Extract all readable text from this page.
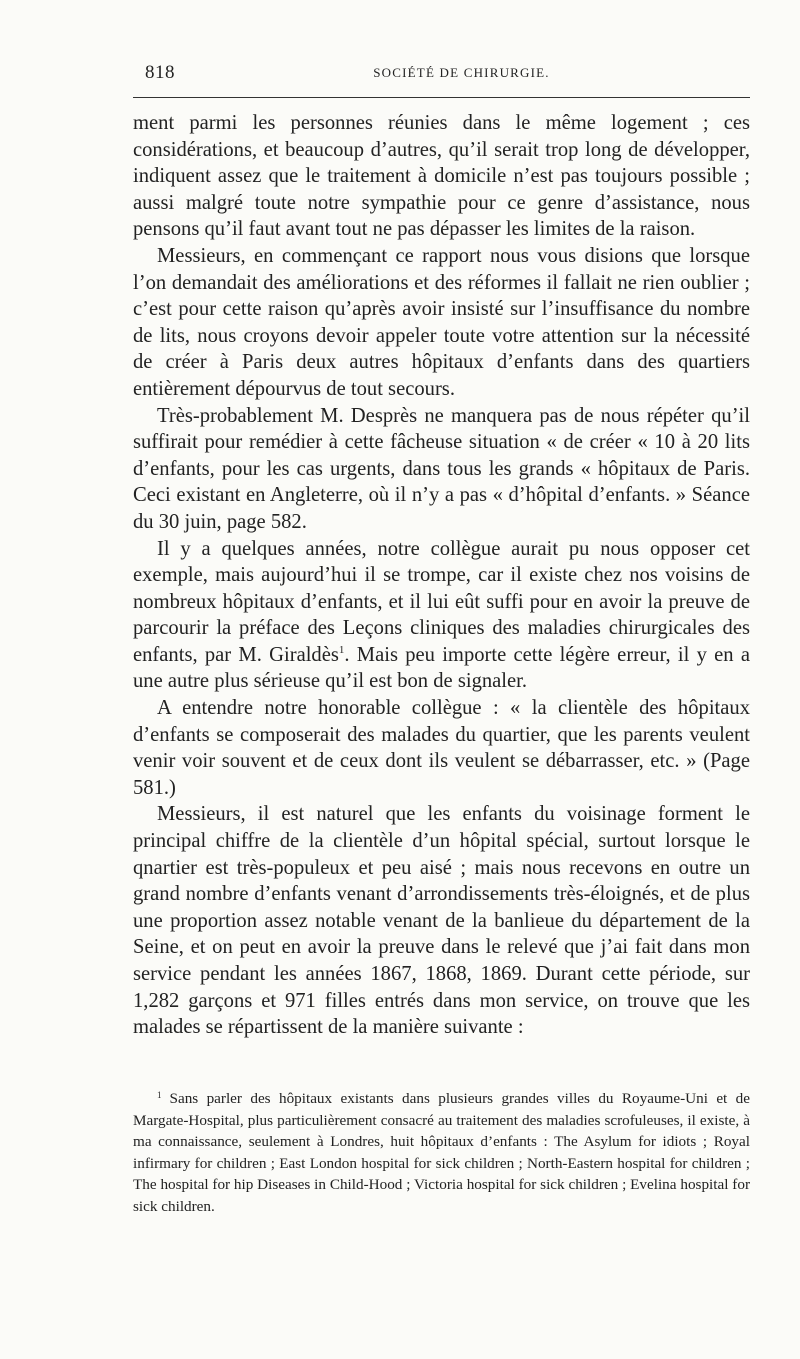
818	SOCIÉTÉ DE CHIRURGIE.

ment parmi les personnes réunies dans le même logement ; ces considérations, et beaucoup d’autres, qu’il serait trop long de développer, indiquent assez que le traitement à domicile n’est pas toujours possible ; aussi malgré toute notre sympathie pour ce genre d’assistance, nous pensons qu’il faut avant tout ne pas dépasser les limites de la raison.

Messieurs, en commençant ce rapport nous vous disions que lorsque l’on demandait des améliorations et des réformes il fallait ne rien oublier ; c’est pour cette raison qu’après avoir insisté sur l’insuffisance du nombre de lits, nous croyons devoir appeler toute votre attention sur la nécessité de créer à Paris deux autres hôpitaux d’enfants dans des quartiers entièrement dépourvus de tout secours.

Très-probablement M. Desprès ne manquera pas de nous répéter qu’il suffirait pour remédier à cette fâcheuse situation « de créer « 10 à 20 lits d’enfants, pour les cas urgents, dans tous les grands « hôpitaux de Paris. Ceci existant en Angleterre, où il n’y a pas « d’hôpital d’enfants. » Séance du 30 juin, page 582.

Il y a quelques années, notre collègue aurait pu nous opposer cet exemple, mais aujourd’hui il se trompe, car il existe chez nos voisins de nombreux hôpitaux d’enfants, et il lui eût suffi pour en avoir la preuve de parcourir la préface des Leçons cliniques des maladies chirurgicales des enfants, par M. Giraldès$^1$. Mais peu importe cette légère erreur, il y en a une autre plus sérieuse qu’il est bon de signaler.

A entendre notre honorable collègue : « la clientèle des hôpitaux d’enfants se composerait des malades du quartier, que les parents veulent venir voir souvent et de ceux dont ils veulent se débarrasser, etc. » (Page 581.)

Messieurs, il est naturel que les enfants du voisinage forment le principal chiffre de la clientèle d’un hôpital spécial, surtout lorsque le qnartier est très-populeux et peu aisé ; mais nous recevons en outre un grand nombre d’enfants venant d’arrondissements très-éloignés, et de plus une proportion assez notable venant de la banlieue du département de la Seine, et on peut en avoir la preuve dans le relevé que j’ai fait dans mon service pendant les années 1867, 1868, 1869. Durant cette période, sur 1,282 garçons et 971 filles entrés dans mon service, on trouve que les malades se répartissent de la manière suivante :

$^1$ Sans parler des hôpitaux existants dans plusieurs grandes villes du Royaume-Uni et de Margate-Hospital, plus particulièrement consacré au traitement des maladies scrofuleuses, il existe, à ma connaissance, seulement à Londres, huit hôpitaux d’enfants : The Asylum for idiots ; Royal infirmary for children ; East London hospital for sick children ; North-Eastern hospital for children ; The hospital for hip Diseases in Child-Hood ; Victoria hospital for sick children ; Evelina hospital for sick children.
